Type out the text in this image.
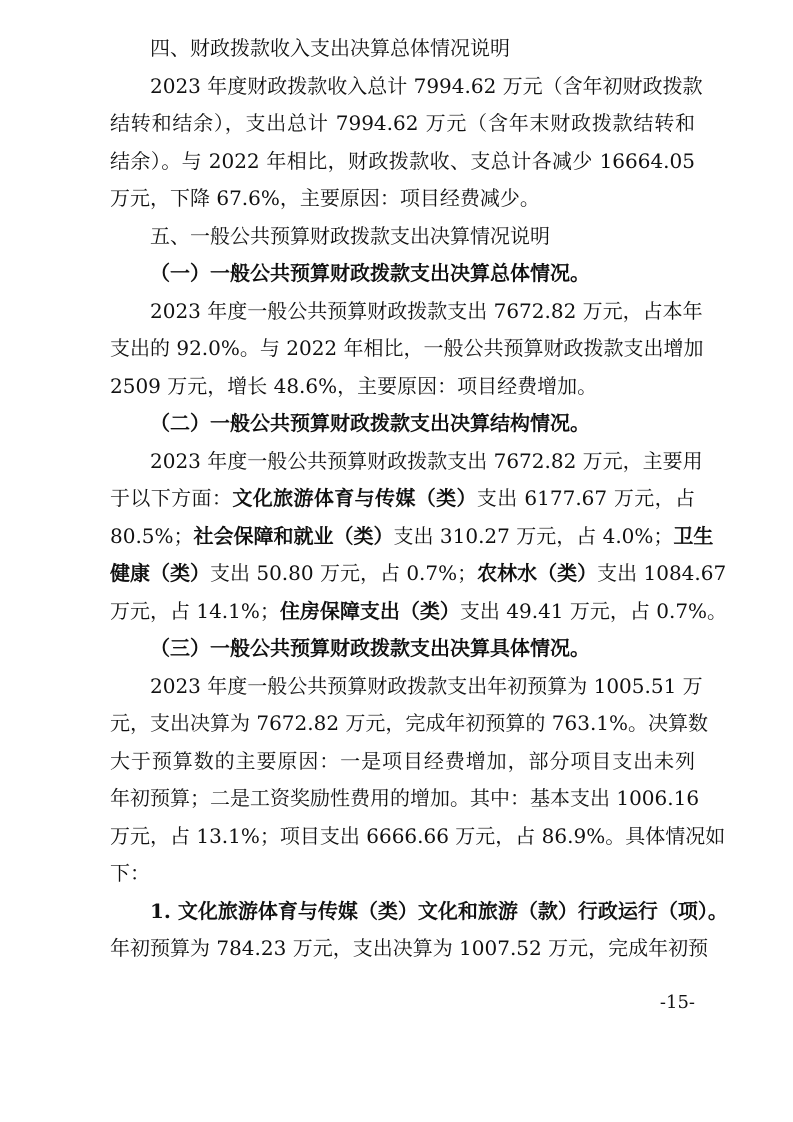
四、财政拨款收入支出决算总体情况说明
2023 年度财政拨款收入总计 7994.62 万元（含年初财政拨款
结转和结余），支出总计 7994.62 万元（含年末财政拨款结转和
结余）。与 2022 年相比，财政拨款收、支总计各减少 16664.05
万元，下降 67.6%，主要原因：项目经费减少。
五、一般公共预算财政拨款支出决算情况说明
（一）一般公共预算财政拨款支出决算总体情况。
2023 年度一般公共预算财政拨款支出 7672.82 万元，占本年
支出的 92.0%。与 2022 年相比，一般公共预算财政拨款支出增加
2509 万元，增长 48.6%，主要原因：项目经费增加。
（二）一般公共预算财政拨款支出决算结构情况。
2023 年度一般公共预算财政拨款支出 7672.82 万元，主要用
于以下方面：文化旅游体育与传媒（类）支出 6177.67 万元，占
80.5%；社会保障和就业（类）支出 310.27 万元，占 4.0%；卫生
健康（类）支出 50.80 万元，占 0.7%；农林水（类）支出 1084.67
万元，占 14.1%；住房保障支出（类）支出 49.41 万元，占 0.7%。
（三）一般公共预算财政拨款支出决算具体情况。
2023 年度一般公共预算财政拨款支出年初预算为 1005.51 万
元，支出决算为 7672.82 万元，完成年初预算的 763.1%。决算数
大于预算数的主要原因：一是项目经费增加，部分项目支出未列
年初预算；二是工资奖励性费用的增加。其中：基本支出 1006.16
万元，占 13.1%；项目支出 6666.66 万元，占 86.9%。具体情况如
下：
1. 文化旅游体育与传媒（类）文化和旅游（款）行政运行（项）。
年初预算为 784.23 万元，支出决算为 1007.52 万元，完成年初预
-15-
